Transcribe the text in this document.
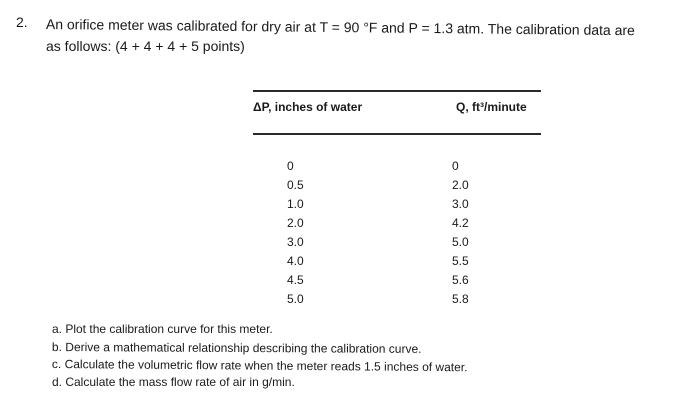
2. An orifice meter was calibrated for dry air at T = 90 °F and P = 1.3 atm. The calibration data are
as follows: (4 + 4 + 4 + 5 points)
ΔP, inches of water	Q, ft³/minute
0
0.5
1.0
2.0
3.0
4.0
4.5
5.0
0
2.0
3.0
4.2
5.0
5.5
5.6
5.8
a. Plot the calibration curve for this meter.
b. Derive a mathematical relationship describing the calibration curve.
c. Calculate the volumetric flow rate when the meter reads 1.5 inches of water.
d. Calculate the mass flow rate of air in g/min.
